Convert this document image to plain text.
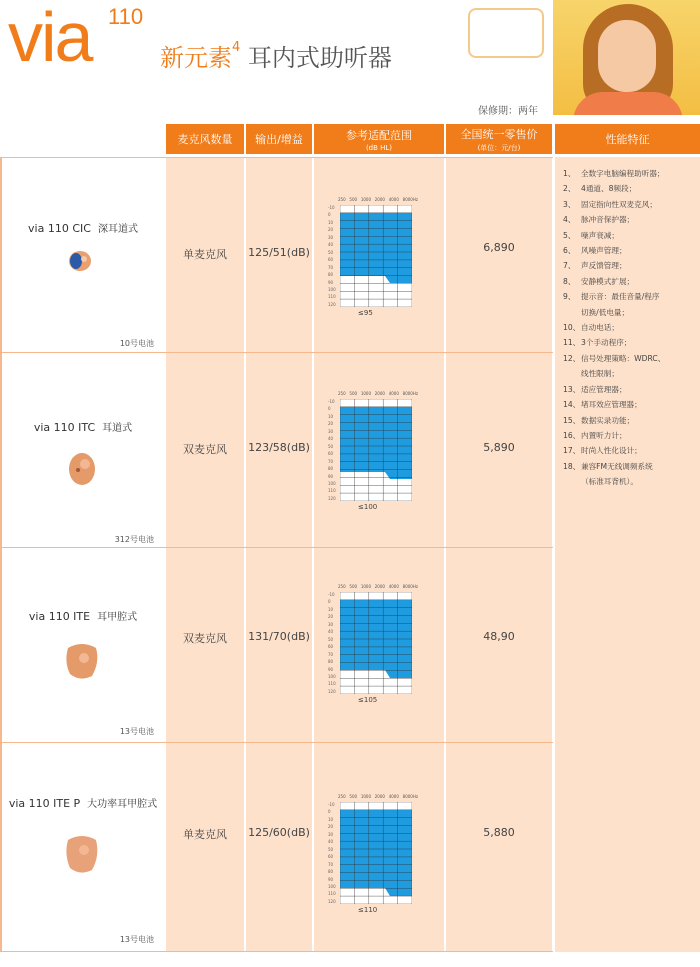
via 110
新元素$^4$ 耳内式助听器
保修期：两年
麦克风数量	输出/增益	参考适配范围
(dB HL)
全国统一零售价
(单位：元/台)
性能特征
via 110 CIC 深耳道式
10号电池
单麦克风	125/51(dB)	6,890
via 110 ITC 耳道式
312号电池
双麦克风	123/58(dB)	5,890
via 110 ITE 耳甲腔式
13号电池
双麦克风	131/70(dB)	48,90
via 110 ITE P 大功率耳甲腔式
13号电池
单麦克风	125/60(dB)	5,880
250 500 1000 2000 4000 8000Hz
-10
0
10
20
30
40
50
60
70
80
90
100
110
120
≤95
250 500 1000 2000 4000 8000Hz
-10
0
10
20
30
40
50
60
70
80
90
100
110
120
≤100
250 500 1000 2000 4000 8000Hz
-10
0
10
20
30
40
50
60
70
80
90
100
110
120
≤105
250 500 1000 2000 4000 8000Hz
-10
0
10
20
30
40
50
60
70
80
90
100
110
120
≤110
1、 全数字电脑编程助听器；
2、 4通道、8频段；
3、 固定指向性双麦克风；
4、 脉冲音保护器；
5、 噪声衰减；
6、 风噪声管理；
7、 声反馈管理；
8、 安静模式扩展；
9、 提示音：最佳音量/程序
切换/低电量；
10、自动电话；
11、3个手动程序；
12、信号处理策略：WDRC、
线性限制；
13、适应管理器；
14、堵耳效应管理器；
15、数据实录功能；
16、内置听力计；
17、时尚人性化设计；
18、兼容FM无线调频系统
（标准耳背机）。
